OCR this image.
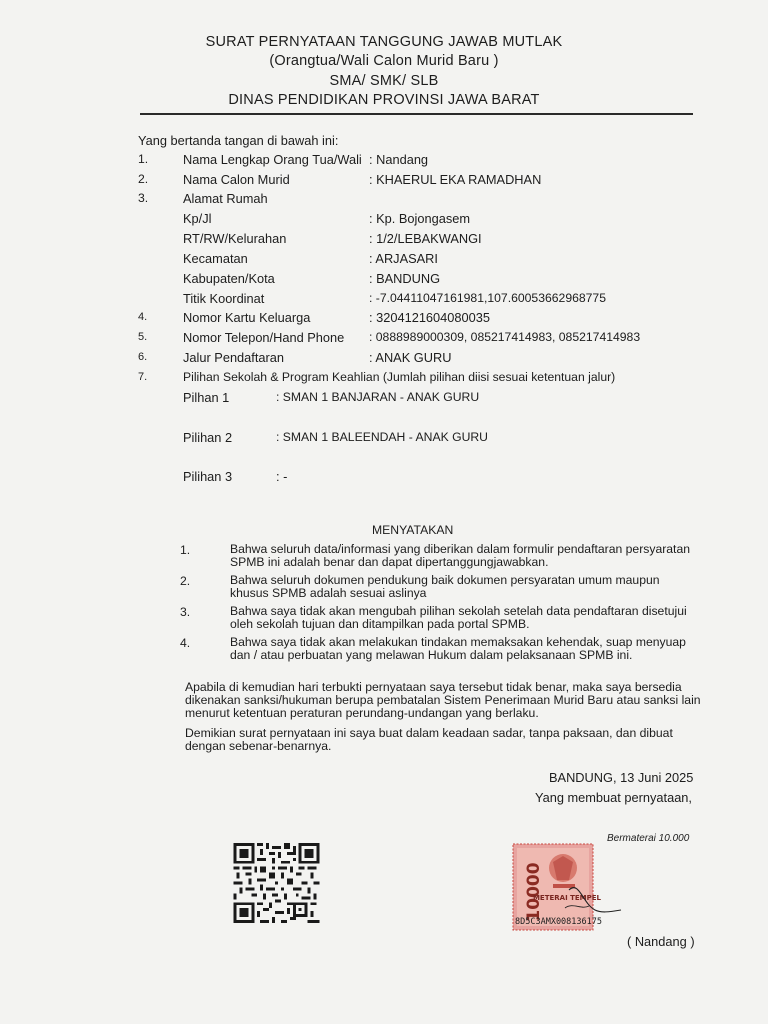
SURAT PERNYATAAN TANGGUNG JAWAB MUTLAK
(Orangtua/Wali Calon Murid Baru )
SMA/ SMK/ SLB
DINAS PENDIDIKAN PROVINSI JAWA BARAT
Yang bertanda tangan di bawah ini:
1.	Nama Lengkap Orang Tua/Wali : Nandang
2.	Nama Calon Murid	: KHAERUL EKA RAMADHAN
3.	Alamat Rumah
Kp/Jl	: Kp. Bojongasem
RT/RW/Kelurahan	: 1/2/LEBAKWANGI
Kecamatan	: ARJASARI
Kabupaten/Kota	: BANDUNG
Titik Koordinat	: -7.04411047161981,107.60053662968775
4.	Nomor Kartu Keluarga	: 3204121604080035
5.	Nomor Telepon/Hand Phone : 0888989000309, 085217414983, 085217414983
6.	Jalur Pendaftaran	: ANAK GURU
7.	Pilihan Sekolah & Program Keahlian (Jumlah pilihan diisi sesuai ketentuan jalur)
Pilhan 1	: SMAN 1 BANJARAN - ANAK GURU
Pilihan 2	: SMAN 1 BALEENDAH - ANAK GURU
Pilihan 3	: -
MENYATAKAN
1.	Bahwa seluruh data/informasi yang diberikan dalam formulir pendaftaran persyaratan SPMB ini adalah benar dan dapat dipertanggungjawabkan.
2.	Bahwa seluruh dokumen pendukung baik dokumen persyaratan umum maupun khusus SPMB adalah sesuai aslinya
3.	Bahwa saya tidak akan mengubah pilihan sekolah setelah data pendaftaran disetujui oleh sekolah tujuan dan ditampilkan pada portal SPMB.
4.	Bahwa saya tidak akan melakukan tindakan memaksakan kehendak, suap menyuap dan / atau perbuatan yang melawan Hukum dalam pelaksanaan SPMB ini.
Apabila di kemudian hari terbukti pernyataan saya tersebut tidak benar, maka saya bersedia dikenakan sanksi/hukuman berupa pembatalan Sistem Penerimaan Murid Baru atau sanksi lain menurut ketentuan peraturan perundang-undangan yang berlaku.
Demikian surat pernyataan ini saya buat dalam keadaan sadar, tanpa paksaan, dan dibuat dengan sebenar-benarnya.
BANDUNG, 13 Juni 2025
Yang membuat pernyataan,
Bermaterai 10.000
10000
METERAI TEMPEL
8D5C3AMX008136175
( Nandang )
